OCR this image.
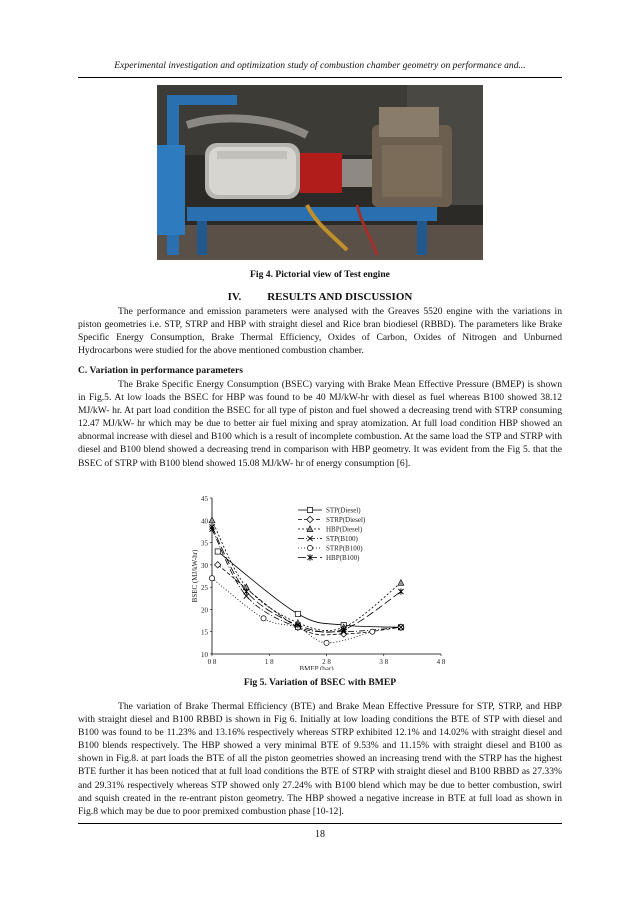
Experimental investigation and optimization study of combustion chamber geometry on performance and...
Fig 4. Pictorial view of Test engine
IV. RESULTS AND DISCUSSION

The performance and emission parameters were analysed with the Greaves 5520 engine with the variations in piston geometries i.e. STP, STRP and HBP with straight diesel and Rice bran biodiesel (RBBD). The parameters like Brake Specific Energy Consumption, Brake Thermal Efficiency, Oxides of Carbon, Oxides of Nitrogen and Unburned Hydrocarbons were studied for the above mentioned combustion chamber.

C. Variation in performance parameters

The Brake Specific Energy Consumption (BSEC) varying with Brake Mean Effective Pressure (BMEP) is shown in Fig.5. At low loads the BSEC for HBP was found to be 40 MJ/kW-hr with diesel as fuel whereas B100 showed 38.12 MJ/kW- hr. At part load condition the BSEC for all type of piston and fuel showed a decreasing trend with STRP consuming 12.47 MJ/kW- hr which may be due to better air fuel mixing and spray atomization. At full load condition HBP showed an abnormal increase with diesel and B100 which is a result of incomplete combustion. At the same load the STP and STRP with diesel and B100 blend showed a decreasing trend in comparison with HBP geometry. It was evident from the Fig 5. that the BSEC of STRP with B100 blend showed 15.08 MJ/kW- hr of energy consumption [6].

10
15
20
25
30
35
40
45
0 8	1 8	2 8	3 8	4 8
BMEP (bar)
BSEC (MJ/kW-hr)
STP(Diesel)
STRP(Diesel)
HBP(Diesel)
STP(B100)
STRP(B100)
HBP(B100)
Fig 5. Variation of BSEC with BMEP

The variation of Brake Thermal Efficiency (BTE) and Brake Mean Effective Pressure for STP, STRP, and HBP with straight diesel and B100 RBBD is shown in Fig 6. Initially at low loading conditions the BTE of STP with diesel and B100 was found to be 11.23% and 13.16% respectively whereas STRP exhibited 12.1% and 14.02% with straight diesel and B100 blends respectively. The HBP showed a very minimal BTE of 9.53% and 11.15% with straight diesel and B100 as shown in Fig.8. at part loads the BTE of all the piston geometries showed an increasing trend with the STRP has the highest BTE further it has been noticed that at full load conditions the BTE of STRP with straight diesel and B100 RBBD as 27.33% and 29.31% respectively whereas STP showed only 27.24% with B100 blend which may be due to better combustion, swirl and squish created in the re-entrant piston geometry. The HBP showed a negative increase in BTE at full load as shown in Fig.8 which may be due to poor premixed combustion phase [10-12].

18
